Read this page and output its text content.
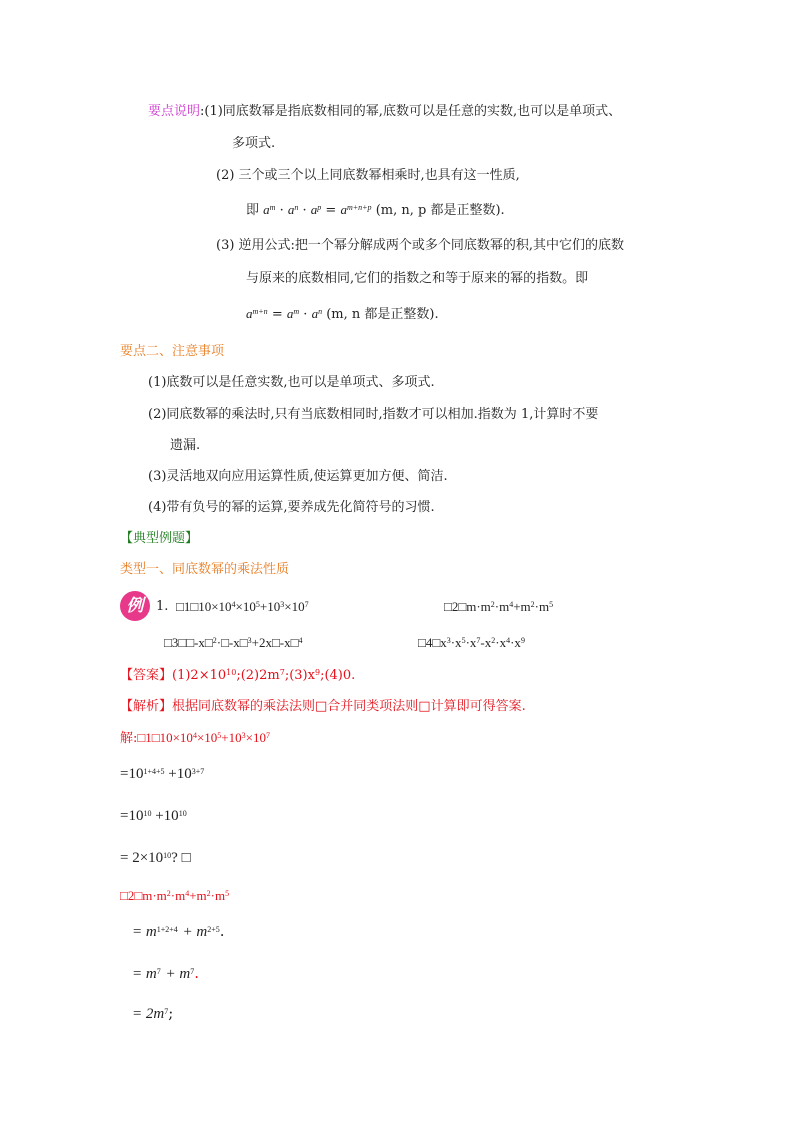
要点说明:(1)同底数幂是指底数相同的幂,底数可以是任意的实数,也可以是单项式、
多项式.
(2) 三个或三个以上同底数幂相乘时,也具有这一性质,
即 $a^m \cdot a^n \cdot a^p = a^{m+n+p}$ (m, n, p 都是正整数).
(3) 逆用公式:把一个幂分解成两个或多个同底数幂的积,其中它们的底数
与原来的底数相同,它们的指数之和等于原来的幂的指数。即
$a^{m+n} = a^m \cdot a^n$ (m, n 都是正整数).
要点二、注意事项
(1)底数可以是任意实数,也可以是单项式、多项式.
(2)同底数幂的乘法时,只有当底数相同时,指数才可以相加.指数为 1,计算时不要
遗漏.
(3)灵活地双向应用运算性质,使运算更加方便、简洁.
(4)带有负号的幂的运算,要养成先化简符号的习惯.
【典型例题】
类型一、同底数幂的乘法性质
例 1. $□1□10\times 10^4\times 10^5+10^3\times 10^7$	$□2□m\cdot m^2\cdot m^4+m^2\cdot m^5$
□3□□-x□$^2$·□-x□$^3$+2x□-x□$^4$	$□4□x^3\cdot x^5\cdot x^7-x^2\cdot x^4\cdot x^9$
【答案】$(1)2\times 10^{10};(2)2m^7;(3)x^9;(4)0$.
【解析】根据同底数幂的乘法法则□合并同类项法则□计算即可得答案.
解$:□1□10\times 10^4\times 10^5+10^3\times 10^7$
$=10^{1+4+5} +10^{3+7}$
$=10^{10} +10^{10}$
= $2\times 10^{10}$? □
$□2□m\cdot m^2\cdot m^4+m^2\cdot m^5$
= $m^{1+2+4} + m^{2+5}$.
= $m^7 + m^7$.
= $2m^7$;
